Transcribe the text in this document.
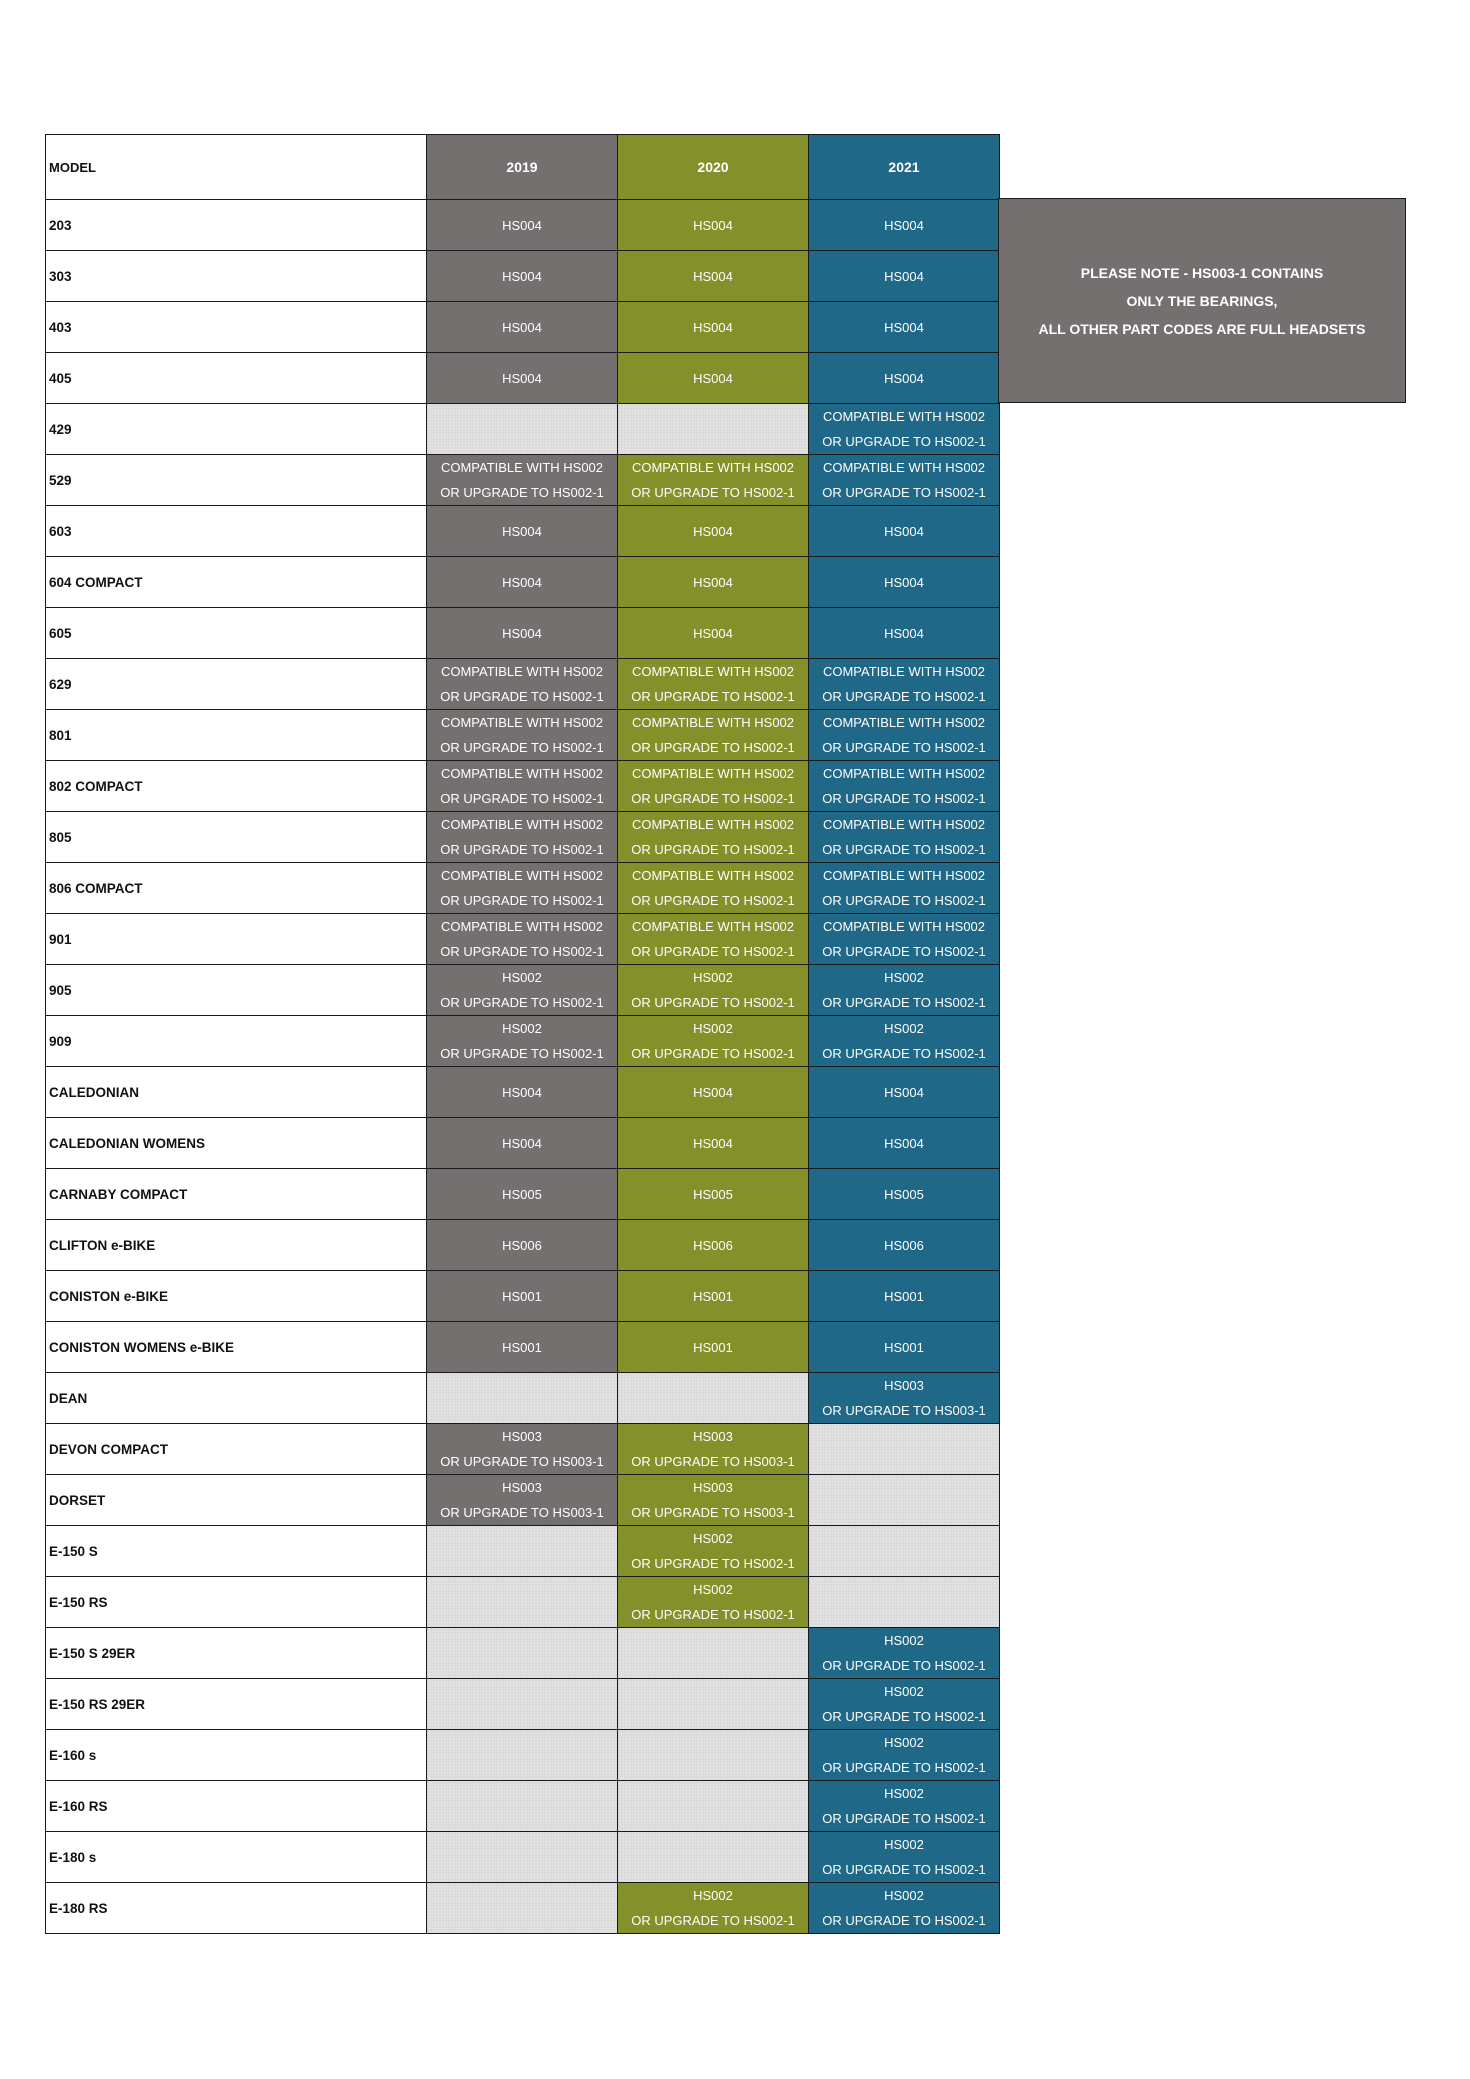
MODEL	2019	2020	2021
203	HS004	HS004	HS004

303	HS004	HS004	HS004

403	HS004	HS004	HS004

405	HS004	HS004	HS004

429			COMPATIBLE WITH HS002
OR UPGRADE TO HS002-1

529	COMPATIBLE WITH HS002
OR UPGRADE TO HS002-1	COMPATIBLE WITH HS002
OR UPGRADE TO HS002-1	COMPATIBLE WITH HS002
OR UPGRADE TO HS002-1

603	HS004	HS004	HS004

604 COMPACT	HS004	HS004	HS004

605	HS004	HS004	HS004

629	COMPATIBLE WITH HS002
OR UPGRADE TO HS002-1	COMPATIBLE WITH HS002
OR UPGRADE TO HS002-1	COMPATIBLE WITH HS002
OR UPGRADE TO HS002-1

801	COMPATIBLE WITH HS002
OR UPGRADE TO HS002-1	COMPATIBLE WITH HS002
OR UPGRADE TO HS002-1	COMPATIBLE WITH HS002
OR UPGRADE TO HS002-1

802 COMPACT	COMPATIBLE WITH HS002
OR UPGRADE TO HS002-1	COMPATIBLE WITH HS002
OR UPGRADE TO HS002-1	COMPATIBLE WITH HS002
OR UPGRADE TO HS002-1

805	COMPATIBLE WITH HS002
OR UPGRADE TO HS002-1	COMPATIBLE WITH HS002
OR UPGRADE TO HS002-1	COMPATIBLE WITH HS002
OR UPGRADE TO HS002-1

806 COMPACT	COMPATIBLE WITH HS002
OR UPGRADE TO HS002-1	COMPATIBLE WITH HS002
OR UPGRADE TO HS002-1	COMPATIBLE WITH HS002
OR UPGRADE TO HS002-1

901	COMPATIBLE WITH HS002
OR UPGRADE TO HS002-1	COMPATIBLE WITH HS002
OR UPGRADE TO HS002-1	COMPATIBLE WITH HS002
OR UPGRADE TO HS002-1

905	HS002
OR UPGRADE TO HS002-1	HS002
OR UPGRADE TO HS002-1	HS002
OR UPGRADE TO HS002-1

909	HS002
OR UPGRADE TO HS002-1	HS002
OR UPGRADE TO HS002-1	HS002
OR UPGRADE TO HS002-1

CALEDONIAN	HS004	HS004	HS004

CALEDONIAN WOMENS	HS004	HS004	HS004

CARNABY COMPACT	HS005	HS005	HS005

CLIFTON e-BIKE	HS006	HS006	HS006

CONISTON e-BIKE	HS001	HS001	HS001

CONISTON WOMENS e-BIKE	HS001	HS001	HS001

DEAN			HS003
OR UPGRADE TO HS003-1

DEVON COMPACT	HS003
OR UPGRADE TO HS003-1	HS003
OR UPGRADE TO HS003-1	

DORSET	HS003
OR UPGRADE TO HS003-1	HS003
OR UPGRADE TO HS003-1	

E-150 S		HS002
OR UPGRADE TO HS002-1	

E-150 RS		HS002
OR UPGRADE TO HS002-1	

E-150 S 29ER			HS002
OR UPGRADE TO HS002-1

E-150 RS 29ER			HS002
OR UPGRADE TO HS002-1

E-160 s			HS002
OR UPGRADE TO HS002-1

E-160 RS			HS002
OR UPGRADE TO HS002-1

E-180 s			HS002
OR UPGRADE TO HS002-1

E-180 RS		HS002
OR UPGRADE TO HS002-1	HS002
OR UPGRADE TO HS002-1
PLEASE NOTE - HS003-1 CONTAINS
ONLY THE BEARINGS,
ALL OTHER PART CODES ARE FULL HEADSETS
